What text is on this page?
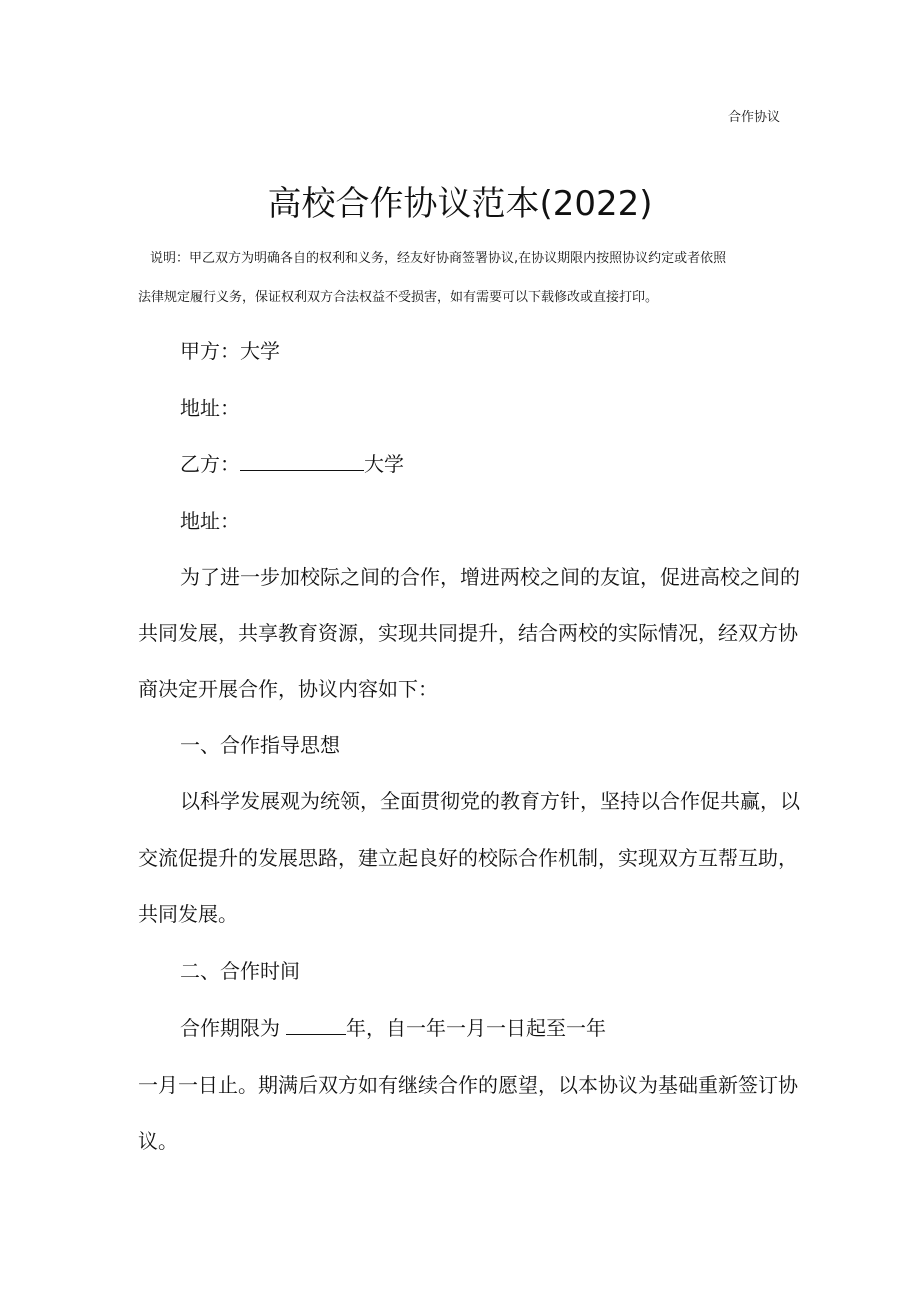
合作协议
高校合作协议范本(2022)
说明：甲乙双方为明确各自的权利和义务，经友好协商签署协议,在协议期限内按照协议约定或者依照
法律规定履行义务，保证权利双方合法权益不受损害，如有需要可以下载修改或直接打印。
甲方：大学
地址：
乙方：	大学
地址：
为了进一步加校际之间的合作，增进两校之间的友谊，促进高校之间的
共同发展，共享教育资源，实现共同提升，结合两校的实际情况，经双方协
商决定开展合作，协议内容如下：
一、合作指导思想
以科学发展观为统领，全面贯彻党的教育方针，坚持以合作促共赢，以
交流促提升的发展思路，建立起良好的校际合作机制，实现双方互帮互助，
共同发展。
二、合作时间
合作期限为	年，自一年一月一日起至一年
一月一日止。期满后双方如有继续合作的愿望，以本协议为基础重新签订协
议。
